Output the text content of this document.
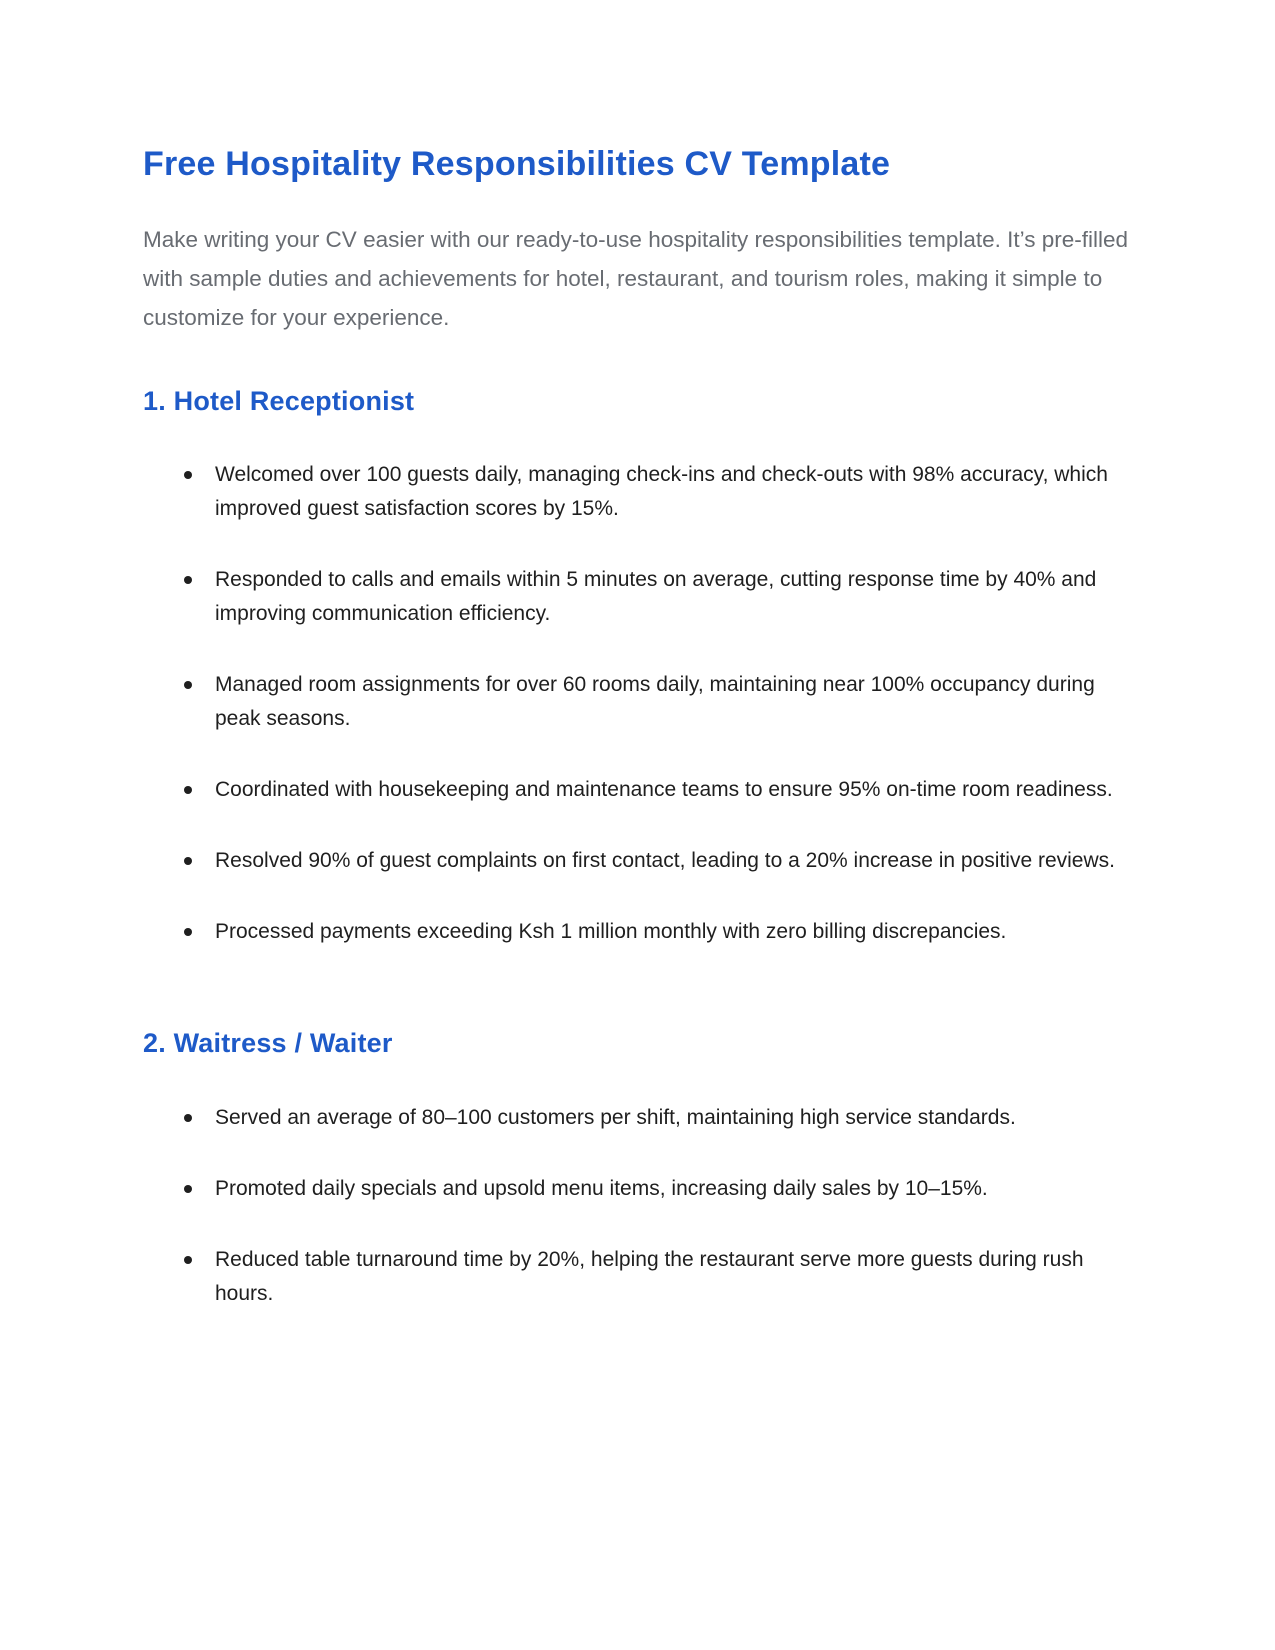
Free Hospitality Responsibilities CV Template

Make writing your CV easier with our ready-to-use hospitality responsibilities template. It’s pre-filled with sample duties and achievements for hotel, restaurant, and tourism roles, making it simple to customize for your experience.

1. Hotel Receptionist
Welcomed over 100 guests daily, managing check-ins and check-outs with 98% accuracy, which improved guest satisfaction scores by 15%.
Responded to calls and emails within 5 minutes on average, cutting response time by 40% and improving communication efficiency.
Managed room assignments for over 60 rooms daily, maintaining near 100% occupancy during peak seasons.
Coordinated with housekeeping and maintenance teams to ensure 95% on-time room readiness.
Resolved 90% of guest complaints on first contact, leading to a 20% increase in positive reviews.
Processed payments exceeding Ksh 1 million monthly with zero billing discrepancies.
2. Waitress / Waiter
Served an average of 80–100 customers per shift, maintaining high service standards.
Promoted daily specials and upsold menu items, increasing daily sales by 10–15%.
Reduced table turnaround time by 20%, helping the restaurant serve more guests during rush hours.
